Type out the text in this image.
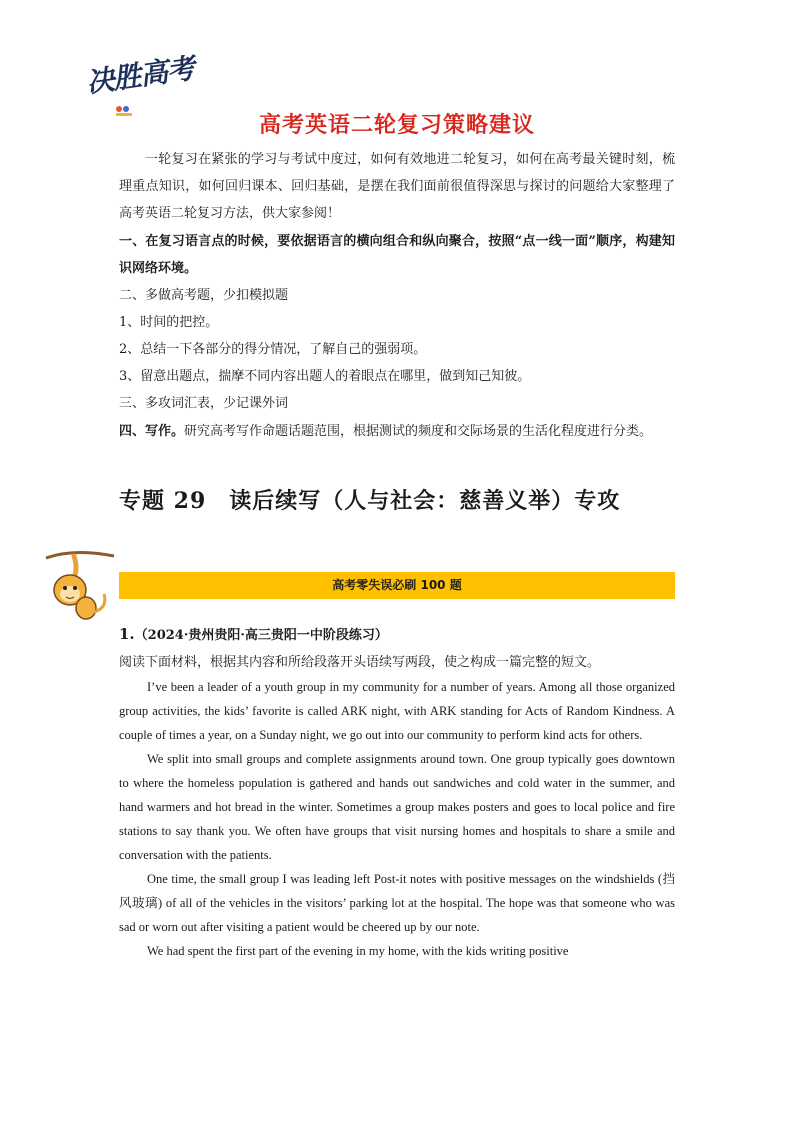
决胜高考
高考英语二轮复习策略建议
一轮复习在紧张的学习与考试中度过，如何有效地进二轮复习，如何在高考最关键时刻，梳理重点知识，如何回归课本、回归基础，是摆在我们面前很值得深思与探讨的问题给大家整理了高考英语二轮复习方法，供大家参阅！
一、在复习语言点的时候，要依据语言的横向组合和纵向聚合，按照“点一线一面”顺序，构建知识网络环境。
二、多做高考题，少扣模拟题
1、时间的把控。
2、总结一下各部分的得分情况，了解自己的强弱项。
3、留意出题点，揣摩不同内容出题人的着眼点在哪里，做到知己知彼。
三、多攻词汇表，少记课外词
四、写作。研究高考写作命题话题范围，根据测试的频度和交际场景的生活化程度进行分类。
专题 29　读后续写（人与社会：慈善义举）专攻
高考零失误必刷 100 题
1.（2024·贵州贵阳·高三贵阳一中阶段练习）
阅读下面材料，根据其内容和所给段落开头语续写两段，使之构成一篇完整的短文。

I’ve been a leader of a youth group in my community for a number of years. Among all those organized group activities, the kids’ favorite is called ARK night, with ARK standing for Acts of Random Kindness. A couple of times a year, on a Sunday night, we go out into our community to perform kind acts for others.

We split into small groups and complete assignments around town. One group typically goes downtown to where the homeless population is gathered and hands out sandwiches and cold water in the summer, and hand warmers and hot bread in the winter. Sometimes a group makes posters and goes to local police and fire stations to say thank you. We often have groups that visit nursing homes and hospitals to share a smile and conversation with the patients.

One time, the small group I was leading left Post-it notes with positive messages on the windshields (挡风玻璃) of all of the vehicles in the visitors’ parking lot at the hospital. The hope was that someone who was sad or worn out after visiting a patient would be cheered up by our note.

We had spent the first part of the evening in my home, with the kids writing positive
